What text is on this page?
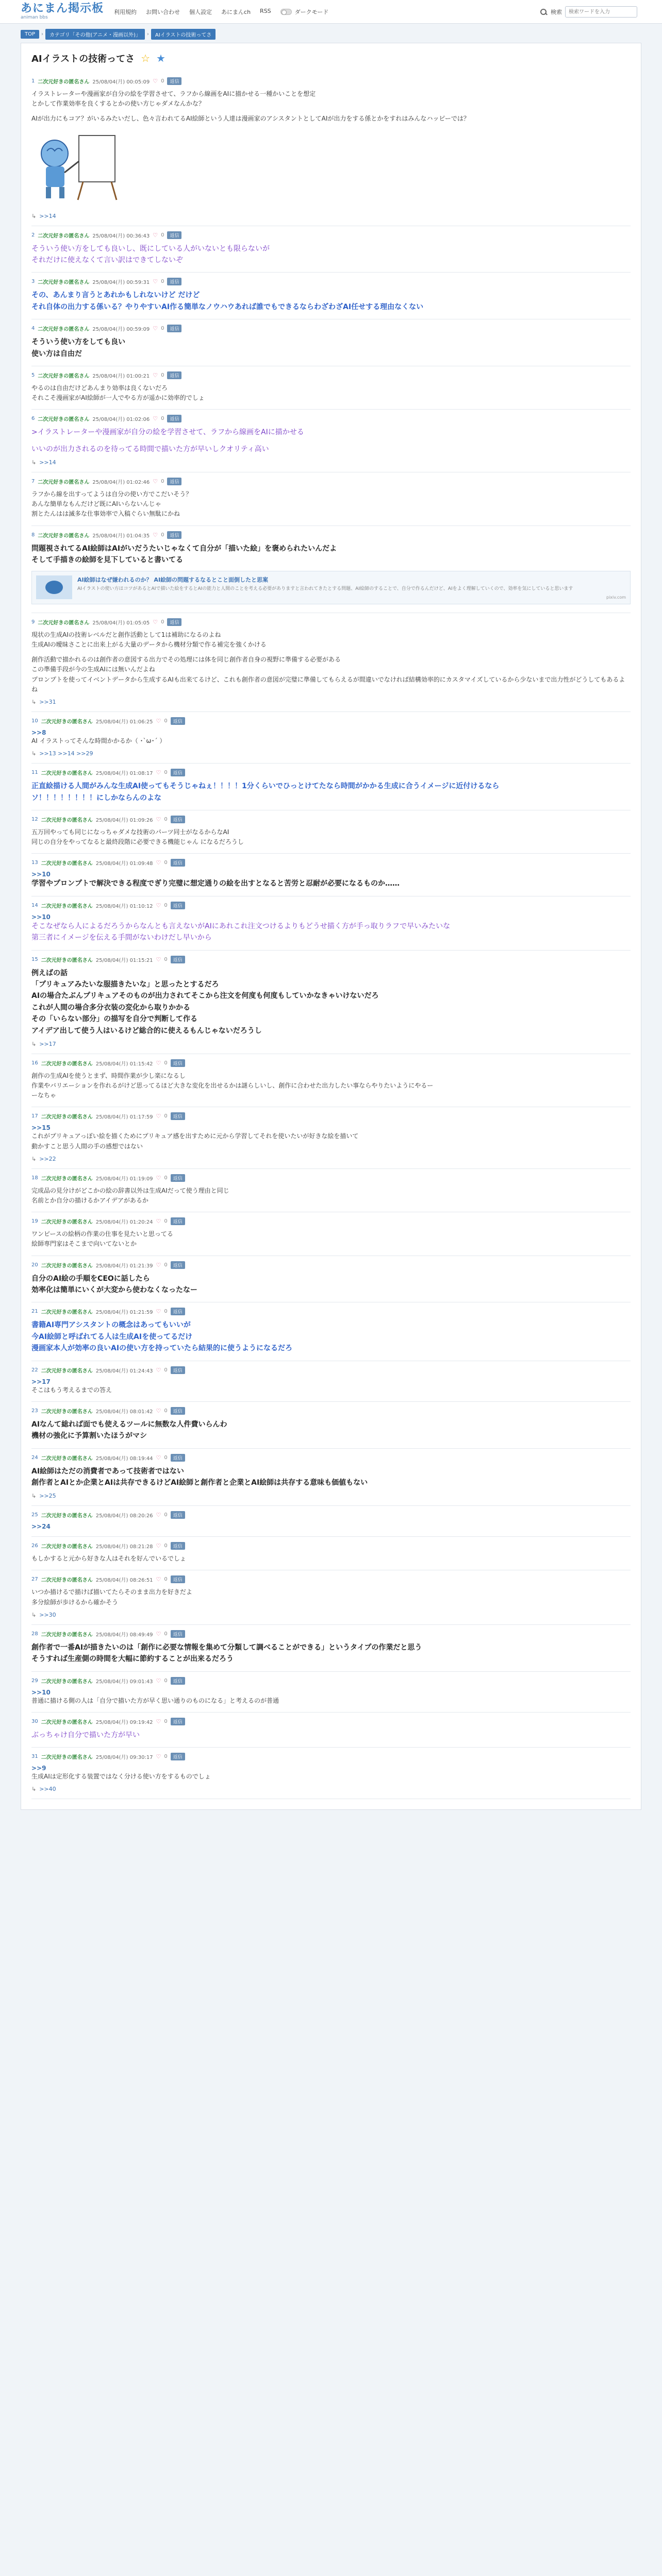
あにまん掲示板
animan bbs
利用規約 お問い合わせ 個人設定 あにまんch RSS	ダークモード	検索
検索ワードを入力
TOP	›	カテゴリ「その他(アニメ・漫画以外)」	›	AIイラストの技術ってさ
AIイラストの技術ってさ ☆ ★
1 二次元好きの匿名さん 25/08/04(月) 00:05:09 ♡ 0	返信
イラストレーターや漫画家が自分の絵を学習させて、ラフから線画をAIに描かせる一種かいことを想定
とかして作業効率を良くするとかの使い方じゃダメなんかな？
AIが出力にもコア？がいるみたいだし、色々言われてるAI絵師という人達は漫画家のアシスタントとしてAIが出力をする係とかをすれはみんなハッピーでは？
↳ >>14
2 二次元好きの匿名さん 25/08/04(月) 00:36:43 ♡ 0	返信
そういう使い方をしても良いし、既にしている人がいないとも限らないが
それだけに使えなくて言い訳はできてしないぞ
3 二次元好きの匿名さん 25/08/04(月) 00:59:31 ♡ 0	返信
その、あんまり言うとあれかもしれないけど だけど
それ自体の出力する係いる？やりやすいAI作る簡単なノウハウあれば誰でもできるならわざわざAI任せする理由なくない
4 二次元好きの匿名さん 25/08/04(月) 00:59:09 ♡ 0	返信
そういう使い方をしても良い
使い方は自由だ
5 二次元好きの匿名さん 25/08/04(月) 01:00:21 ♡ 0	返信
やるのは自由だけどあんまり効率は良くないだろ
それこそ漫画家がAI絵師が一人でやる方が遥かに効率的でしょ
6 二次元好きの匿名さん 25/08/04(月) 01:02:06 ♡ 0	返信
>イラストレーターや漫画家が自分の絵を学習させて、ラフから線画をAIに描かせる
いいのが出力されるのを待ってる時間で描いた方が早いしクオリティ高い
↳ >>14
7 二次元好きの匿名さん 25/08/04(月) 01:02:46 ♡ 0	返信
ラフから線を出すってようは自分の使い方でこだいそう？
あんな簡単なもんだけど既にAIいらないんじゃ
割とたんはは滅多な仕事効率で入稿ぐらい無駄にかね
8 二次元好きの匿名さん 25/08/04(月) 01:04:35 ♡ 0	返信
問題視されてるAI絵師はAIがいだうたいじゃなくて自分が「描いた絵」を褒められたいんだよ
そして手描きの絵師を見下していると書いてる
AI絵師はなぜ嫌われるのか？ AI絵師の問題するなるとこと面倒したと思案
AIイラストの使い方はコツがあるとAIで描いた絵をするとAIの能力と人間のことを考える必要がありますと言われてきたとする問題、AI絵師のすることで、自分で作るんだけど、AIをよく理解していくので、効率を気にしていると思います
pixiv.com
9 二次元好きの匿名さん 25/08/04(月) 01:05:05 ♡ 0	返信
現状の生成AIの技術レベルだと創作活動として1は補助になるのよね
生成AIの曖昧さことに出来上がる大量のデータから機材分類で作る補完を強くかける
創作活動で描かれるのは創作者の意図する出力でその処理には体を同じ創作者自身の視野に準備する必要がある
この準備手段が今の生成AIには無いんだよね
プロンプトを使ってイベントデータから生成するAIも出来てるけど、これも創作者の意図が完璧に準備してもらえるが間違いでなければ結構効率的にカスタマイズしているから少ないまで出力性がどうしてもあるよね
↳ >>31
10 二次元好きの匿名さん 25/08/04(月) 01:06:25 ♡ 0	返信
>>8
AI イラストってそんな時間かかるか（ ･`ω･´ ）
↳ >>13 >>14 >>29
11 二次元好きの匿名さん 25/08/04(月) 01:08:17 ♡ 0	返信
正直絵描ける人間がみんな生成AI使ってもそうじゃねぇ！！！！1分くらいでひっとけてたなら時間がかかる生成に合うイメージに近付けるなら
ソ！！！！！！！！にしかならんのよな
12 二次元好きの匿名さん 25/08/04(月) 01:09:26 ♡ 0	返信
五万回やっても同じになっちゃダメな技術のパーツ同士がなるからなAI
同じの自分をやってなると最終段階に必要できる機能じゃん になるだろうし
13 二次元好きの匿名さん 25/08/04(月) 01:09:48 ♡ 0	返信
>>10
学習やプロンプトで解決できる程度でぎり完璧に想定通りの絵を出すとなると苦労と忍耐が必要になるものか……
14 二次元好きの匿名さん 25/08/04(月) 01:10:12 ♡ 0	返信
>>10
そこなぜなら人によるだろうからなんとも言えないがAIにあれこれ注文つけるよりもどうせ描く方が手っ取りラフで早いみたいな
第三者にイメージを伝える手間がないわけだし早いから
15 二次元好きの匿名さん 25/08/04(月) 01:15:21 ♡ 0	返信
例えばの話
「プリキュアみたいな服描きたいな」と思ったとするだろ
AIの場合たぶんプリキュアそのものが出力されてそこから注文を何度も何度もしていかなきゃいけないだろ
これが人間の場合多分衣装の変化から取りかかる
その「いらない部分」の描写を自分で判断して作る
アイデア出して使う人はいるけど総合的に使えるもんじゃないだろうし
↳ >>17
16 二次元好きの匿名さん 25/08/04(月) 01:15:42 ♡ 0	返信
創作の生成AIを使うとまず、時間作業が少し楽になるし
作業やバリエーションを作れるがけど思ってるほど大きな変化を出せるかは謎らしいし、創作に合わせた出力したい事ならやりたいようにやるー
ーなちゃ
17 二次元好きの匿名さん 25/08/04(月) 01:17:59 ♡ 0	返信
>>15
これがプリキュアっぽい絵を描くためにプリキュア感を出すために元から学習してそれを使いたいが好きな絵を描いて
動かすこと思う人間の手の感想ではない
↳ >>22
18 二次元好きの匿名さん 25/08/04(月) 01:19:09 ♡ 0	返信
完成品の見分けがどこかの絵の辞書以外は生成AIだって使う理由と同じ
名前とか自分の描けるかアイデアがあるか
19 二次元好きの匿名さん 25/08/04(月) 01:20:24 ♡ 0	返信
ワンピースの絵柄の作業の仕事を見たいと思ってる
絵師専門家はそこまで向いてないとか
20 二次元好きの匿名さん 25/08/04(月) 01:21:39 ♡ 0	返信
自分のAI絵の手順をCEOに話したら
効率化は簡単にいくが大変から使わなくなったなー
21 二次元好きの匿名さん 25/08/04(月) 01:21:59 ♡ 0	返信
書籍AI専門アシスタントの概念はあってもいいが
今AI絵師と呼ばれてる人は生成AIを使ってるだけ
漫画家本人が効率の良いAIの使い方を持っていたら結果的に使うようになるだろ
22 二次元好きの匿名さん 25/08/04(月) 01:24:43 ♡ 0	返信
>>17
そこはもう考えるまでの答え
23 二次元好きの匿名さん 25/08/04(月) 08:01:42 ♡ 0	返信
AIなんて総れば面でも使えるツールに無数な人件費いらんわ
機材の強化に予算割いたほうがマシ
24 二次元好きの匿名さん 25/08/04(月) 08:19:44 ♡ 0	返信
AI絵師はただの消費者であって技術者ではない
創作者とAIとか企業とAIは共存できるけどAI絵師と創作者と企業とAI絵師は共存する意味も価値もない
↳ >>25
25 二次元好きの匿名さん 25/08/04(月) 08:20:26 ♡ 0	返信
>>24
26 二次元好きの匿名さん 25/08/04(月) 08:21:28 ♡ 0	返信
もしかすると元から好きな人はそれを好んでいるでしょ
27 二次元好きの匿名さん 25/08/04(月) 08:26:51 ♡ 0	返信
いつか描けるで描けば描いてたらそのまま出力を好きだよ
多分絵師が歩けるから確かそう
↳ >>30
28 二次元好きの匿名さん 25/08/04(月) 08:49:49 ♡ 0	返信
創作者で一番AIが描きたいのは「創作に必要な情報を集めて分類して調べることができる」というタイプの作業だと思う
そうすれば生産側の時間を大幅に節約することが出来るだろう
29 二次元好きの匿名さん 25/08/04(月) 09:01:43 ♡ 0	返信
>>10
普通に描ける側の人は「自分で描いた方が早く思い通りのものになる」と考えるのが普通
30 二次元好きの匿名さん 25/08/04(月) 09:19:42 ♡ 0	返信
ぶっちゃけ自分で描いた方が早い
31 二次元好きの匿名さん 25/08/04(月) 09:30:17 ♡ 0	返信
>>9
生成AIは定形化する装置ではなく分ける使い方をするものでしょ
↳ >>40
